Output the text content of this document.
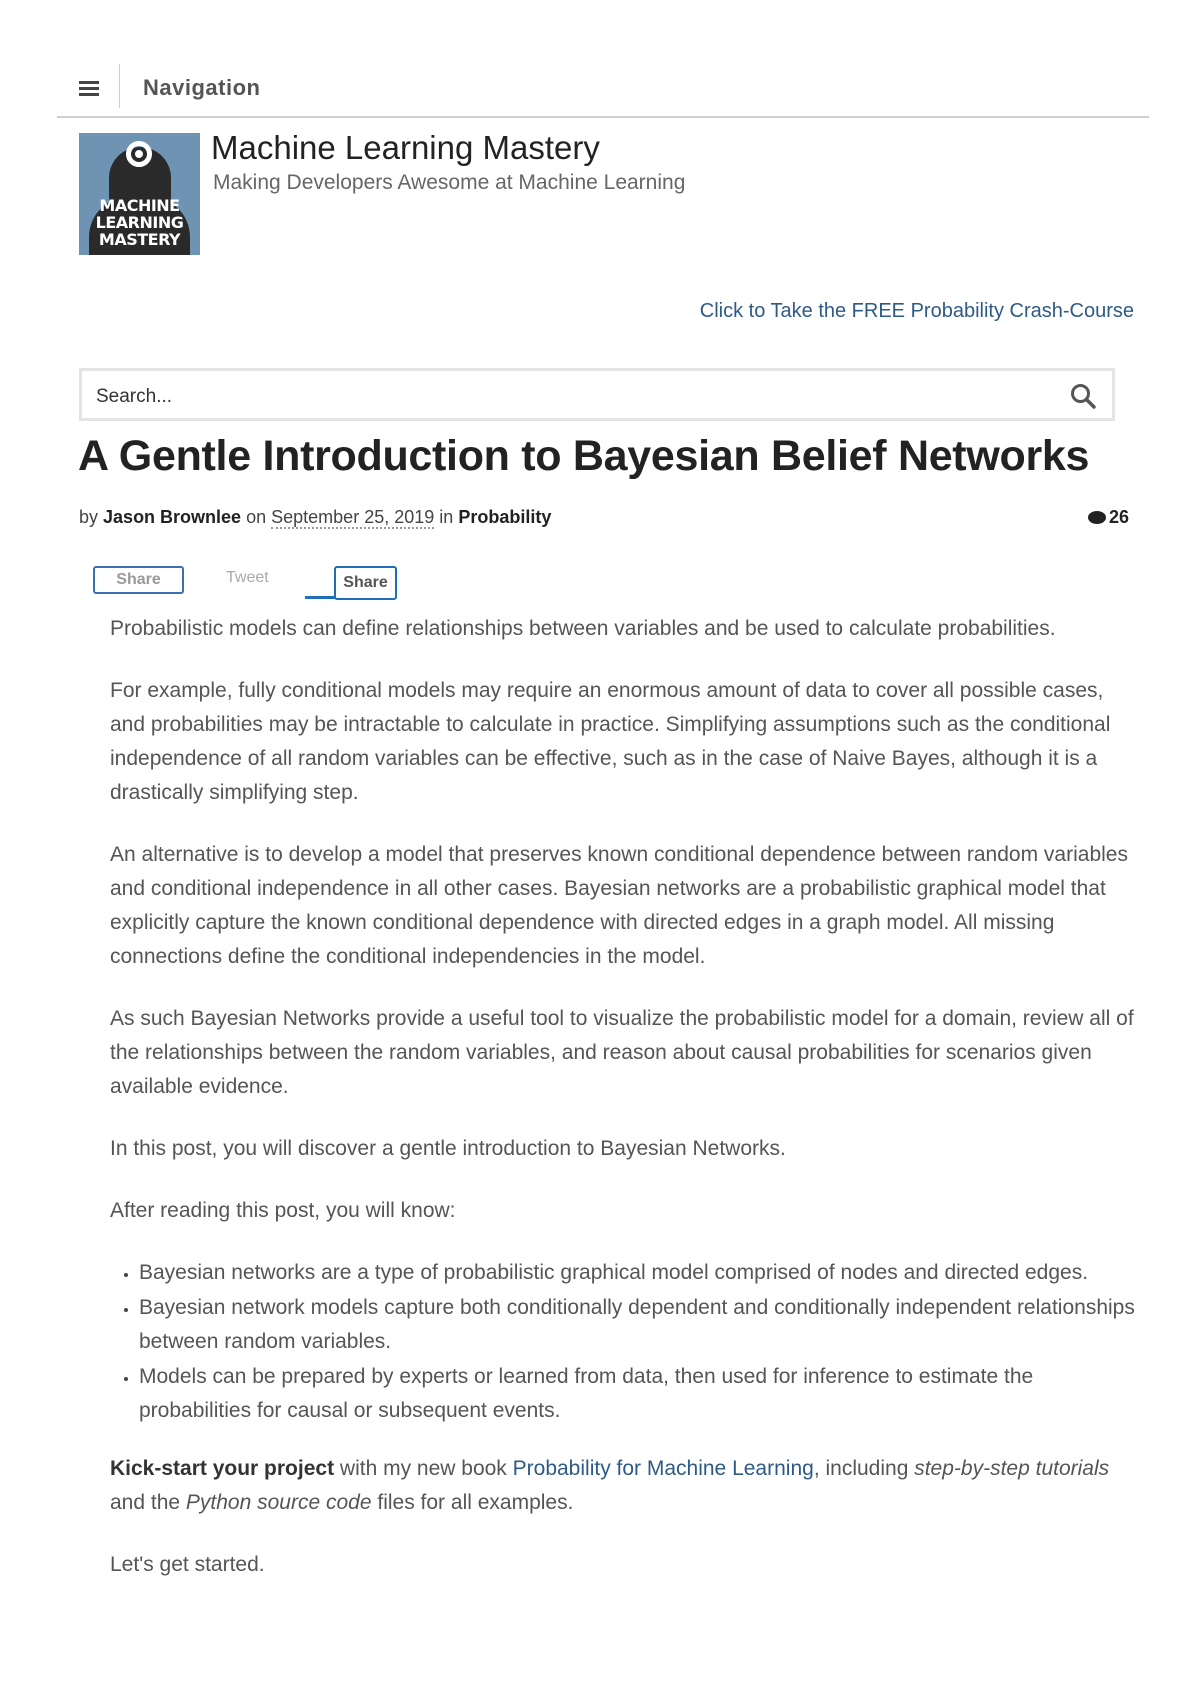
Navigation
MACHINE
LEARNING
MASTERY
Machine Learning Mastery
Making Developers Awesome at Machine Learning
Click to Take the FREE Probability Crash-Course
Search...
A Gentle Introduction to Bayesian Belief Networks
by Jason Brownlee on September 25, 2019 in Probability	26
Share	Tweet	Share

Probabilistic models can define relationships between variables and be used to calculate probabilities.

For example, fully conditional models may require an enormous amount of data to cover all possible cases, and probabilities may be intractable to calculate in practice. Simplifying assumptions such as the conditional independence of all random variables can be effective, such as in the case of Naive Bayes, although it is a drastically simplifying step.

An alternative is to develop a model that preserves known conditional dependence between random variables and conditional independence in all other cases. Bayesian networks are a probabilistic graphical model that explicitly capture the known conditional dependence with directed edges in a graph model. All missing connections define the conditional independencies in the model.

As such Bayesian Networks provide a useful tool to visualize the probabilistic model for a domain, review all of the relationships between the random variables, and reason about causal probabilities for scenarios given available evidence.

In this post, you will discover a gentle introduction to Bayesian Networks.

After reading this post, you will know:

• Bayesian networks are a type of probabilistic graphical model comprised of nodes and directed edges.
• Bayesian network models capture both conditionally dependent and conditionally independent relationships between random variables.
• Models can be prepared by experts or learned from data, then used for inference to estimate the probabilities for causal or subsequent events.

Kick-start your project with my new book Probability for Machine Learning, including step-by-step tutorials and the Python source code files for all examples.

Let's get started.
